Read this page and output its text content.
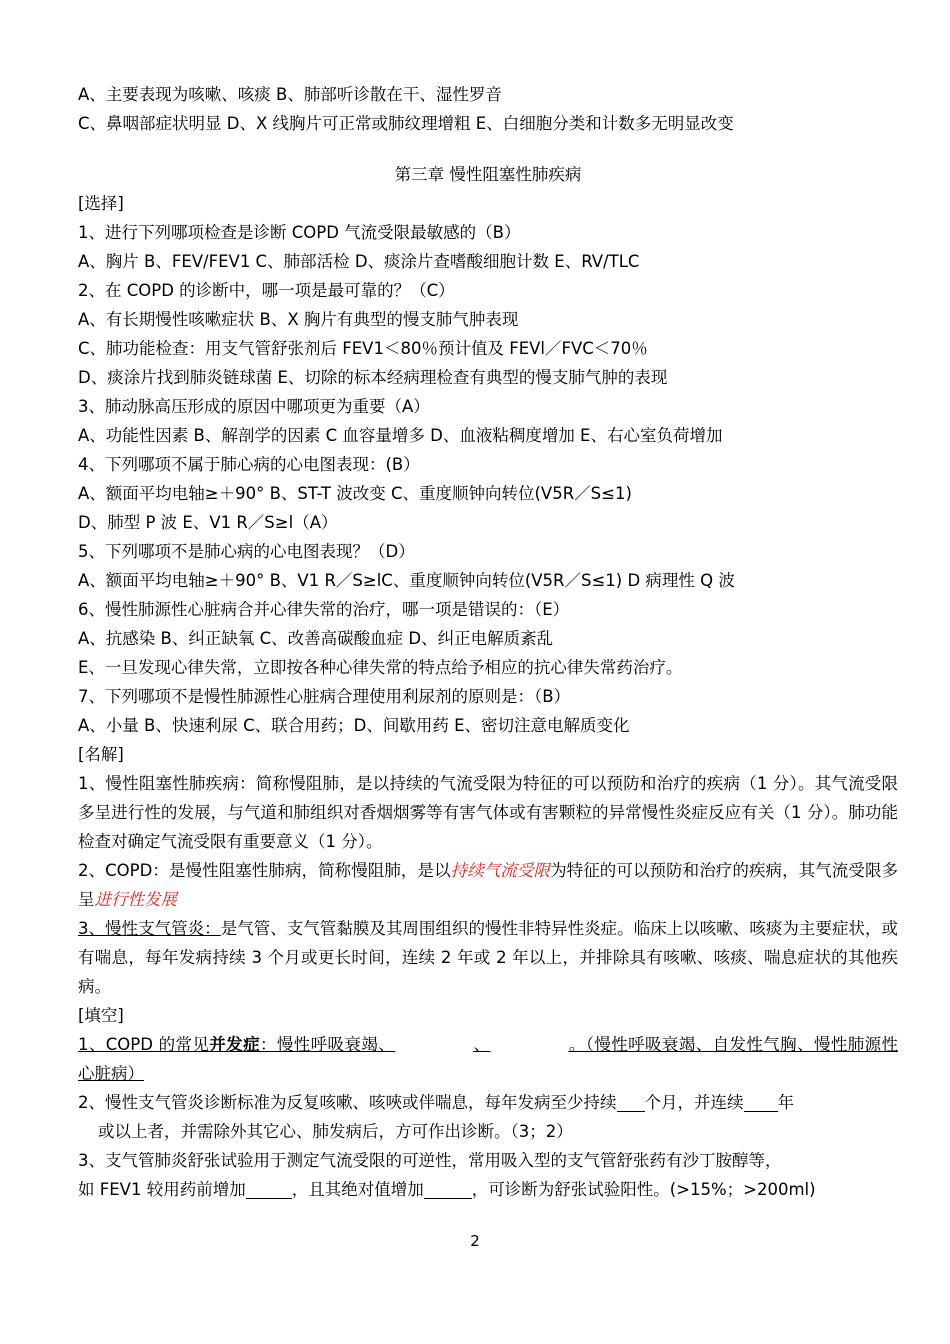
A、主要表现为咳嗽、咳痰 B、肺部听诊散在干、湿性罗音
C、鼻咽部症状明显 D、X 线胸片可正常或肺纹理增粗 E、白细胞分类和计数多无明显改变
第三章 慢性阻塞性肺疾病
[选择]
1、进行下列哪项检查是诊断 COPD 气流受限最敏感的（B）
A、胸片 B、FEV/FEV1 C、肺部活检 D、痰涂片查嗜酸细胞计数 E、RV/TLC
2、在 COPD 的诊断中，哪一项是最可靠的？（C）
A、有长期慢性咳嗽症状 B、X 胸片有典型的慢支肺气肿表现
C、肺功能检查：用支气管舒张剂后 FEV1＜80％预计值及 FEVl／FVC＜70％
D、痰涂片找到肺炎链球菌 E、切除的标本经病理检查有典型的慢支肺气肿的表现
3、肺动脉高压形成的原因中哪项更为重要（A）
A、功能性因素 B、解剖学的因素 C 血容量增多 D、血液粘稠度增加 E、右心室负荷增加
4、下列哪项不属于肺心病的心电图表现：(B）
A、额面平均电轴≥＋90° B、ST-T 波改变 C、重度顺钟向转位(V5R／S≤1)
D、肺型 P 波 E、V1 R／S≥l（A）
5、下列哪项不是肺心病的心电图表现？（D）
A、额面平均电轴≥＋90° B、V1 R／S≥lC、重度顺钟向转位(V5R／S≤1) D 病理性 Q 波
6、慢性肺源性心脏病合并心律失常的治疗，哪一项是错误的：（E）
A、抗感染 B、纠正缺氧 C、改善高碳酸血症 D、纠正电解质紊乱
E、一旦发现心律失常，立即按各种心律失常的特点给予相应的抗心律失常药治疗。
7、下列哪项不是慢性肺源性心脏病合理使用利尿剂的原则是：（B）
A、小量 B、快速利尿 C、联合用药；D、间歇用药 E、密切注意电解质变化
[名解]
1、慢性阻塞性肺疾病：简称慢阻肺，是以持续的气流受限为特征的可以预防和治疗的疾病（1 分）。其气流受限多呈进行性的发展，与气道和肺组织对香烟烟雾等有害气体或有害颗粒的异常慢性炎症反应有关（1 分）。肺功能检查对确定气流受限有重要意义（1 分）。
2、COPD：是慢性阻塞性肺病，简称慢阻肺，是以持续气流受限为特征的可以预防和治疗的疾病，其气流受限多呈进行性发展
3、慢性支气管炎：是气管、支气管黏膜及其周围组织的慢性非特异性炎症。临床上以咳嗽、咳痰为主要症状，或有喘息，每年发病持续 3 个月或更长时间，连续 2 年或 2 年以上，并排除具有咳嗽、咳痰、喘息症状的其他疾病。
[填空]
1、COPD 的常见并发症：慢性呼吸衰竭、	、	。（慢性呼吸衰竭、自发性气胸、慢性肺源性心脏病）
2、慢性支气管炎诊断标准为反复咳嗽、咳唊或伴喘息，每年发病至少持续 个月，并连续 年
或以上者，并需除外其它心、肺发病后，方可作出诊断。（3；2）
3、支气管肺炎舒张试验用于测定气流受限的可逆性，常用吸入型的支气管舒张药有沙丁胺醇等，
如 FEV1 较用药前增加	，且其绝对值增加	，可诊断为舒张试验阳性。(>15%；>200ml)
2
